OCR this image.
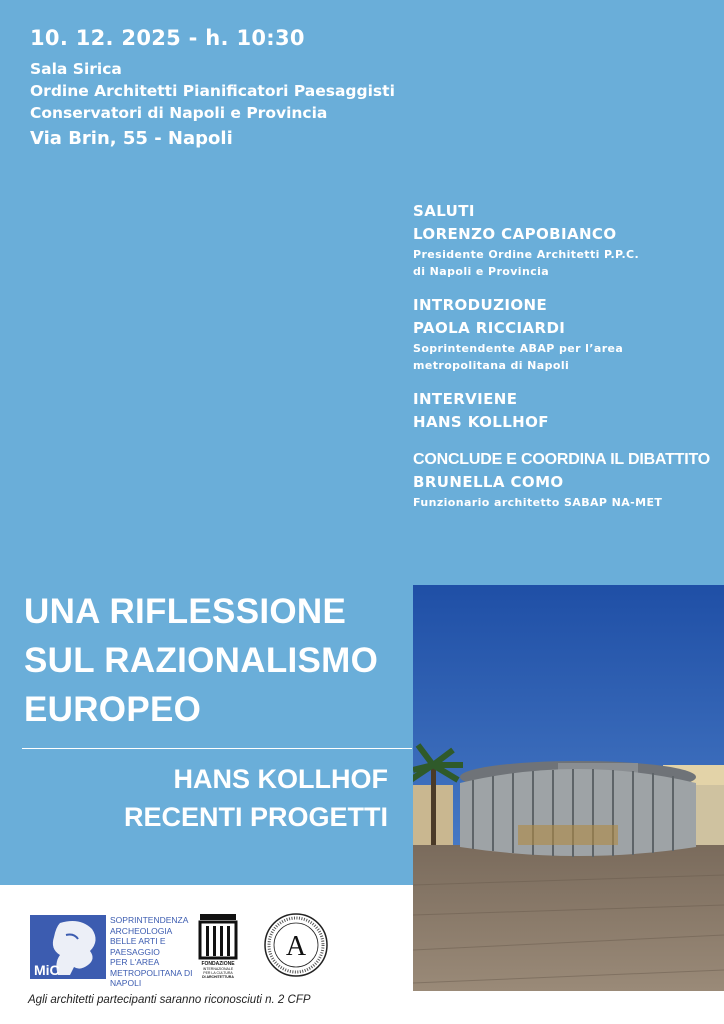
10. 12. 2025 - h. 10:30
Sala Sirica
Ordine Architetti Pianificatori Paesaggisti
Conservatori di Napoli e Provincia
Via Brin, 55 - Napoli
SALUTI
LORENZO CAPOBIANCO
Presidente Ordine Architetti P.P.C.
di Napoli e Provincia
INTRODUZIONE
PAOLA RICCIARDI
Soprintendente ABAP per l’area
metropolitana di Napoli
INTERVIENE
HANS KOLLHOF
CONCLUDE E COORDINA IL DIBATTITO
BRUNELLA COMO
Funzionario architetto SABAP NA-MET
UNA RIFLESSIONE
SUL RAZIONALISMO
EUROPEO
HANS KOLLHOF
RECENTI PROGETTI
MiC
SOPRINTENDENZA
ARCHEOLOGIA
BELLE ARTI E
PAESAGGIO
PER L'AREA
METROPOLITANA DI
NAPOLI
FONDAZIONE
INTERNAZIONALE
PER LA CULTURA
DI ARCHITETTURA
A
Agli architetti partecipanti saranno riconosciuti n. 2 CFP
